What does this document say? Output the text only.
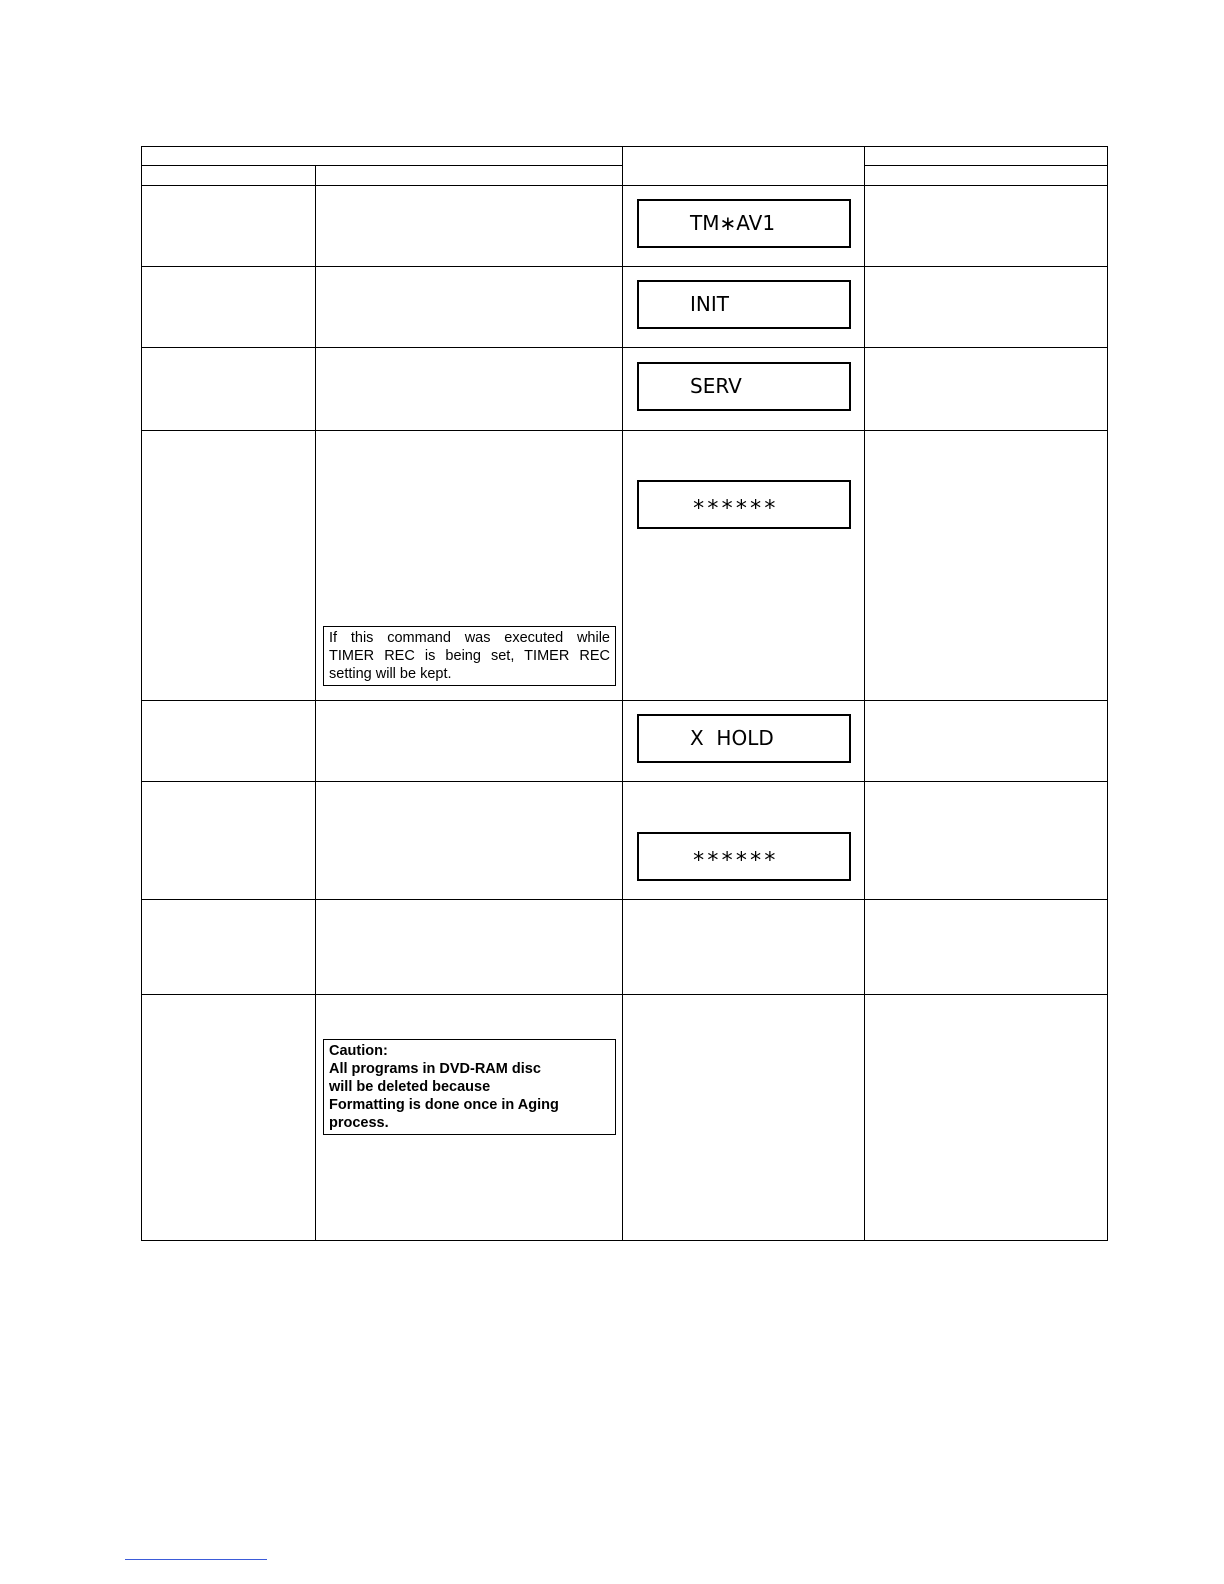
TM∗AV1
INIT
SERV
∗∗∗∗∗∗
X  HOLD
∗∗∗∗∗∗
If this command was executed while
TIMER REC is being set, TIMER REC
setting will be kept.
Caution:
All programs in DVD-RAM disc
will be deleted because
Formatting is done once in Aging
process.
